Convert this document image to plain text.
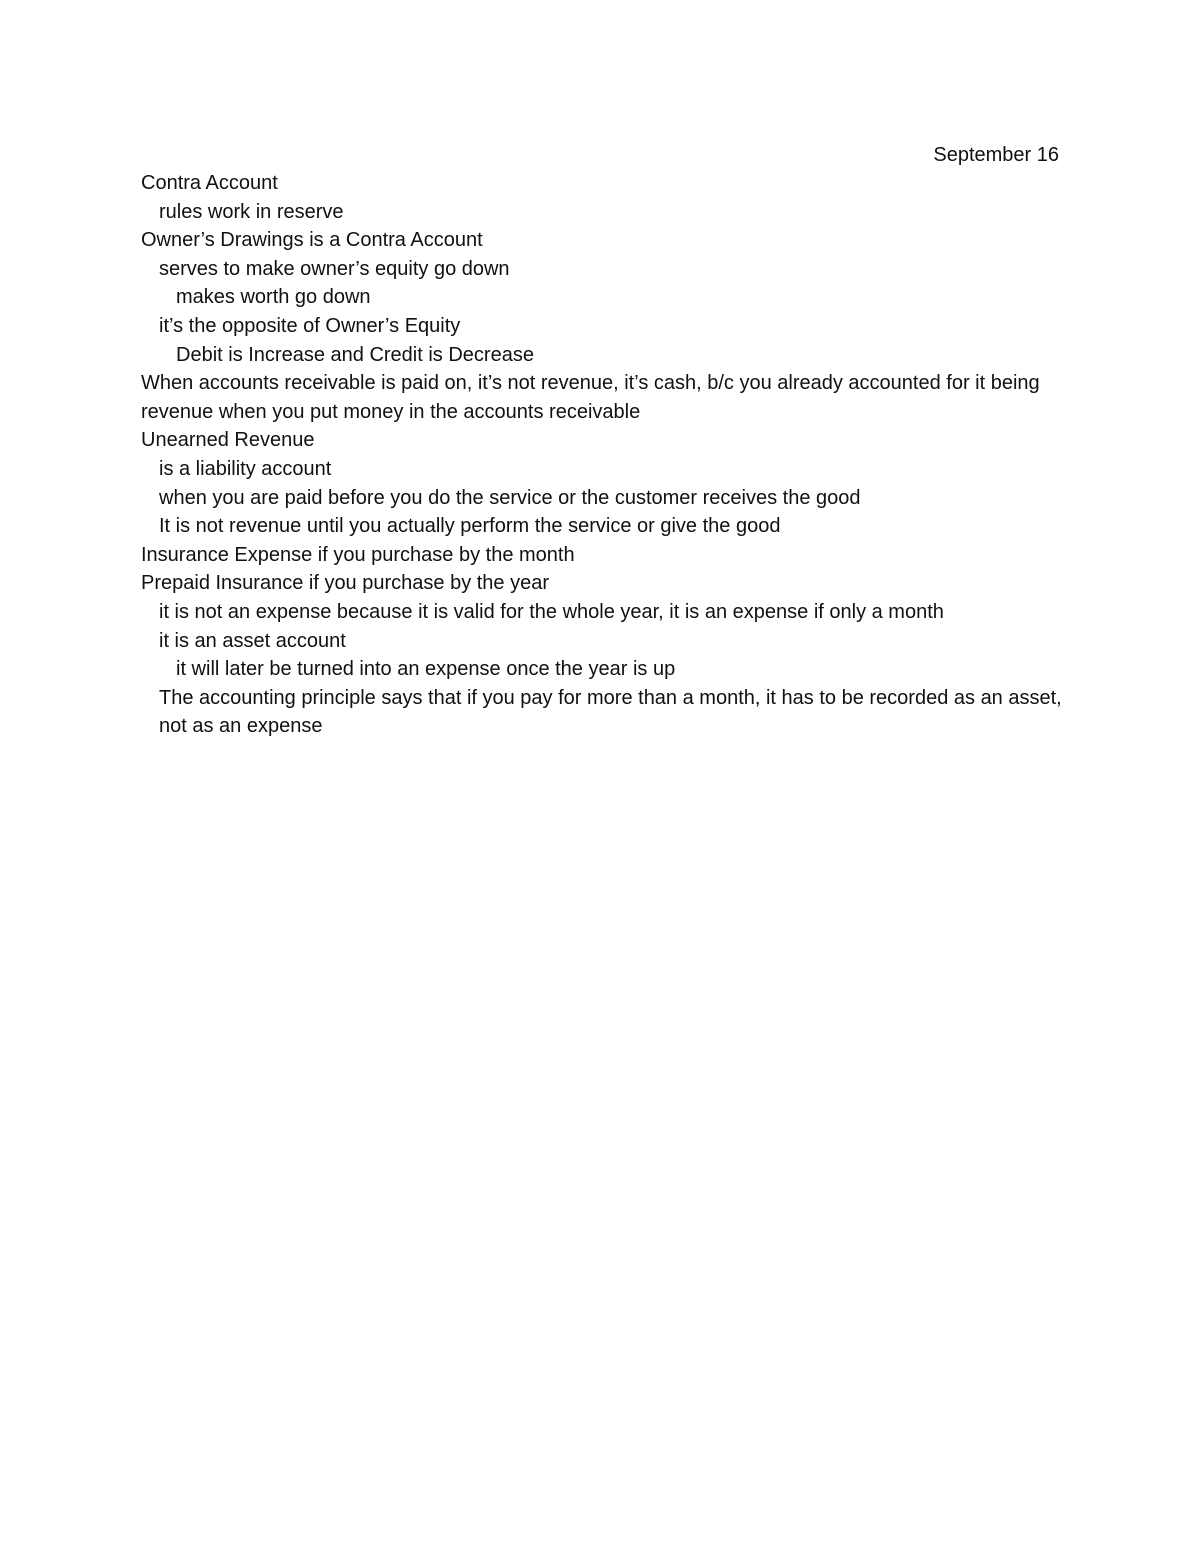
September 16

Contra Account

rules work in reserve

Owner’s Drawings is a Contra Account

serves to make owner’s equity go down

makes worth go down

it’s the opposite of Owner’s Equity

Debit is Increase and Credit is Decrease

When accounts receivable is paid on, it’s not revenue, it’s cash, b/c you already accounted for it being revenue when you put money in the accounts receivable

Unearned Revenue

is a liability account

when you are paid before you do the service or the customer receives the good

It is not revenue until you actually perform the service or give the good

Insurance Expense if you purchase by the month

Prepaid Insurance if you purchase by the year

it is not an expense because it is valid for the whole year, it is an expense if only a month

it is an asset account

it will later be turned into an expense once the year is up

The accounting principle says that if you pay for more than a month, it has to be recorded as an asset, not as an expense
